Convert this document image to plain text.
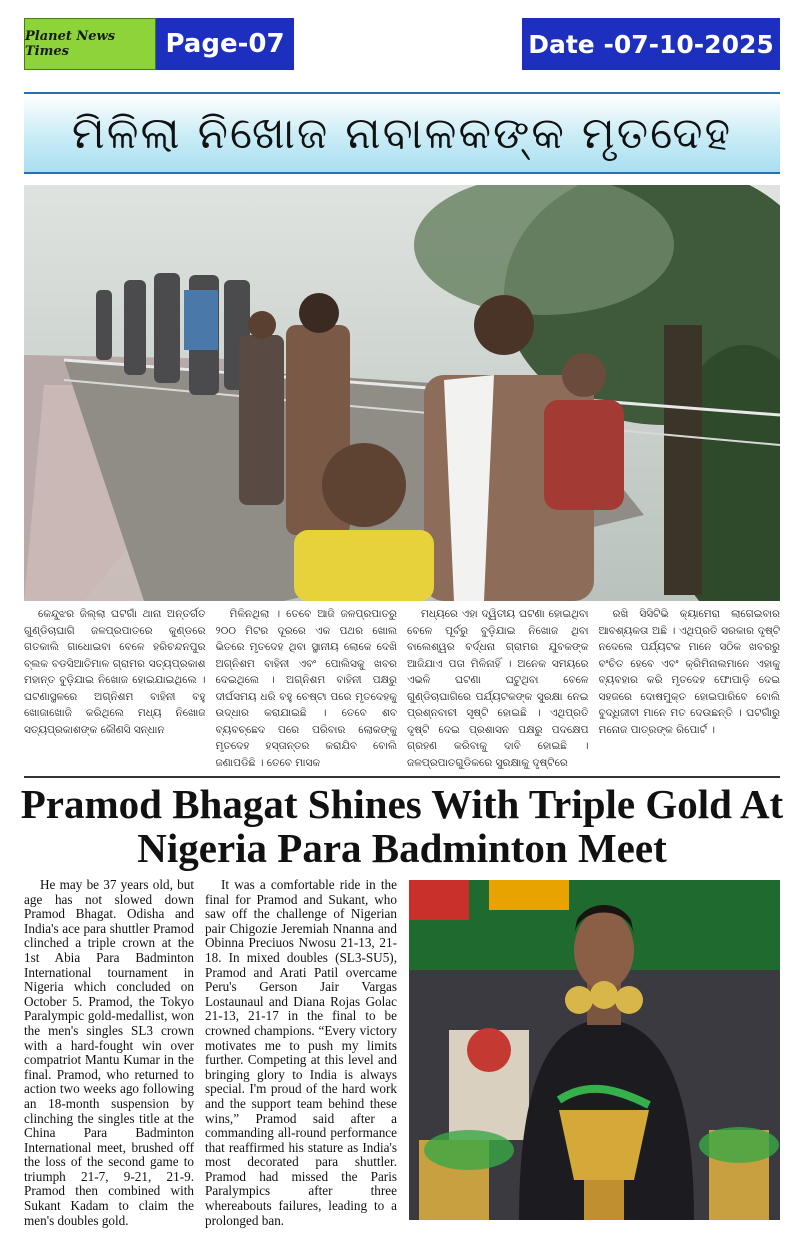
Planet News Times	Page-07	Date -07-10-2025
ମିଳିଲା ନିଖୋଜ ନାବାଳକଙ୍କ ମୃତଦେହ

କେନ୍ଦୁଝର ଜିଲ୍ଲା ଘଟଗାଁ ଥାନା ଅନ୍ତର୍ଗତ ଗୁଣ୍ଡିଚାଘାଗି ଜଳପ୍ରପାତରେ କୁଣ୍ଡରେ ଗତକାଲି ଗାଧୋଇବା ବେଳେ ହରିଚନ୍ଦନପୁର ବ୍ଲକ ବଡସିଆତିମାଳ ଗ୍ରାମର ସତ୍ୟପ୍ରକାଶ ମହାନ୍ତ ବୁଡ଼ିଯାଇ ନିଖୋଜ ହୋଇଯାଇଥିଲେ । ଘଟଣାସ୍ଥଳରେ ଅଗ୍ନିଶମ ବାହିନୀ ବହୁ ଖୋଜାଖୋଜି କରିଥିଲେ ମଧ୍ୟ ନିଖୋଜ ସତ୍ୟପ୍ରକାଶଙ୍କ କୌଣସି ସନ୍ଧାନ

ମିଳିନଥିଲା । ତେବେ ଆଜି ଜଳପ୍ରପାତରୁ ୨୦୦ ମିଟର ଦୂରରେ ଏକ ପଥର ଖୋଲ ଭିତରେ ମୃତଦେହ ଥିବା ସ୍ଥାନୀୟ ଲୋକେ ଦେଖି ଅଗ୍ନିଶମ ବାହିନୀ ଏବଂ ପୋଲିସକୁ ଖବର ଦେଇଥିଲେ । ଅଗ୍ନିଶମ ବାହିନୀ ପକ୍ଷରୁ ଦୀର୍ଘସମୟ ଧରି ବହୁ ଚେଷ୍ଟା ପରେ ମୃତଦେହକୁ ଉଦ୍ଧାର କରାଯାଇଛି । ତେବେ ଶବ ବ୍ୟବଚ୍ଛେଦ ପରେ ପରିବାର ଲୋକଙ୍କୁ ମୃତଦେହ ହସ୍ତାନ୍ତର କରାଯିବ ବୋଲି ଜଣାପଡିଛି । ତେବେ ମାସକ

ମଧ୍ୟରେ ଏହା ଦ୍ୱିତୀୟ ଘଟଣା ହୋଇଥିବା ବେଳେ ପୂର୍ବରୁ ବୁଡ଼ିଯାଇ ନିଖୋଜ ଥିବା ବାଲେଶ୍ୱର ବର୍ଦ୍ଧନା ଗ୍ରାମର ଯୁବକଙ୍କ ଆଜିଯାଏ ପତା ମିଳିନାହିଁ । ଅନେକ ସମୟରେ ଏଭଳି ଘଟଣା ଘଟୁଥିବା ବେଳେ ଗୁଣ୍ଡିଚାଘାଗିରେ ପର୍ଯ୍ୟଟକଙ୍କ ସୁରକ୍ଷା ନେଇ ପ୍ରଶ୍ନବାଚୀ ସୃଷ୍ଟି ହୋଇଛି । ଏଥିପ୍ରତି ଦୃଷ୍ଟି ଦେଇ ପ୍ରଶାସନ ପକ୍ଷରୁ ପଦକ୍ଷେପ ଗ୍ରହଣ କରିବାକୁ ଦାବି ହୋଇଛି । ଜଳପ୍ରପାତଗୁଡିକରେ ସୁରକ୍ଷାକୁ ଦୃଷ୍ଟିରେ

ରଖି ସିସିଟିଭି କ୍ୟାମେରା ଲାଗେଇବାର ଆବଶ୍ୟକତା ଅଛି । ଏଥିପ୍ରତି ସରକାର ଦୃଷ୍ଟି ନଦେଲେ ପର୍ଯ୍ୟଟକ ମାନେ ସଠିକ ଖବରରୁ ବଂଚିତ ହେବେ ଏବଂ କ୍ରିମିନାଲମାନେ ଏହାକୁ ବ୍ୟବହାର କରି ମୃତଦେହ ଫୋପାଡ଼ି ଦେଇ ସହଜରେ ଦୋଷମୁକ୍ତ ହୋଇପାରିବେ ବୋଲି ବୁଦ୍ଧିଜୀବୀ ମାନେ ମତ ଦେଉଛନ୍ତି । ଘଟଗାଁରୁ ମନୋଜ ପାତ୍ରଙ୍କ ରିପୋର୍ଟ ।

Pramod Bhagat Shines With Triple Gold At Nigeria Para Badminton Meet

He may be 37 years old, but age has not slowed down Pramod Bhagat. Odisha and India's ace para shuttler Pramod clinched a triple crown at the 1st Abia Para Badminton International tournament in Nigeria which concluded on October 5. Pramod, the Tokyo Paralympic gold-medallist, won the men's singles SL3 crown with a hard-fought win over compatriot Mantu Kumar in the final. Pramod, who returned to action two weeks ago following an 18-month suspension by clinching the singles title at the China Para Badminton International meet, brushed off the loss of the second game to triumph 21-7, 9-21, 21-9. Pramod then combined with Sukant Kadam to claim the men's doubles gold.

It was a comfortable ride in the final for Pramod and Sukant, who saw off the challenge of Nigerian pair Chigozie Jeremiah Nnanna and Obinna Preciuos Nwosu 21-13, 21-18. In mixed doubles (SL3-SU5), Pramod and Arati Patil overcame Peru's Gerson Jair Vargas Lostaunaul and Diana Rojas Golac 21-13, 21-17 in the final to be crowned champions. “Every victory motivates me to push my limits further. Competing at this level and bringing glory to India is always special. I'm proud of the hard work and the support team behind these wins,” Pramod said after a commanding all-round performance that reaffirmed his stature as India's most decorated para shuttler. Pramod had missed the Paris Paralympics after three whereabouts failures, leading to a prolonged ban.
